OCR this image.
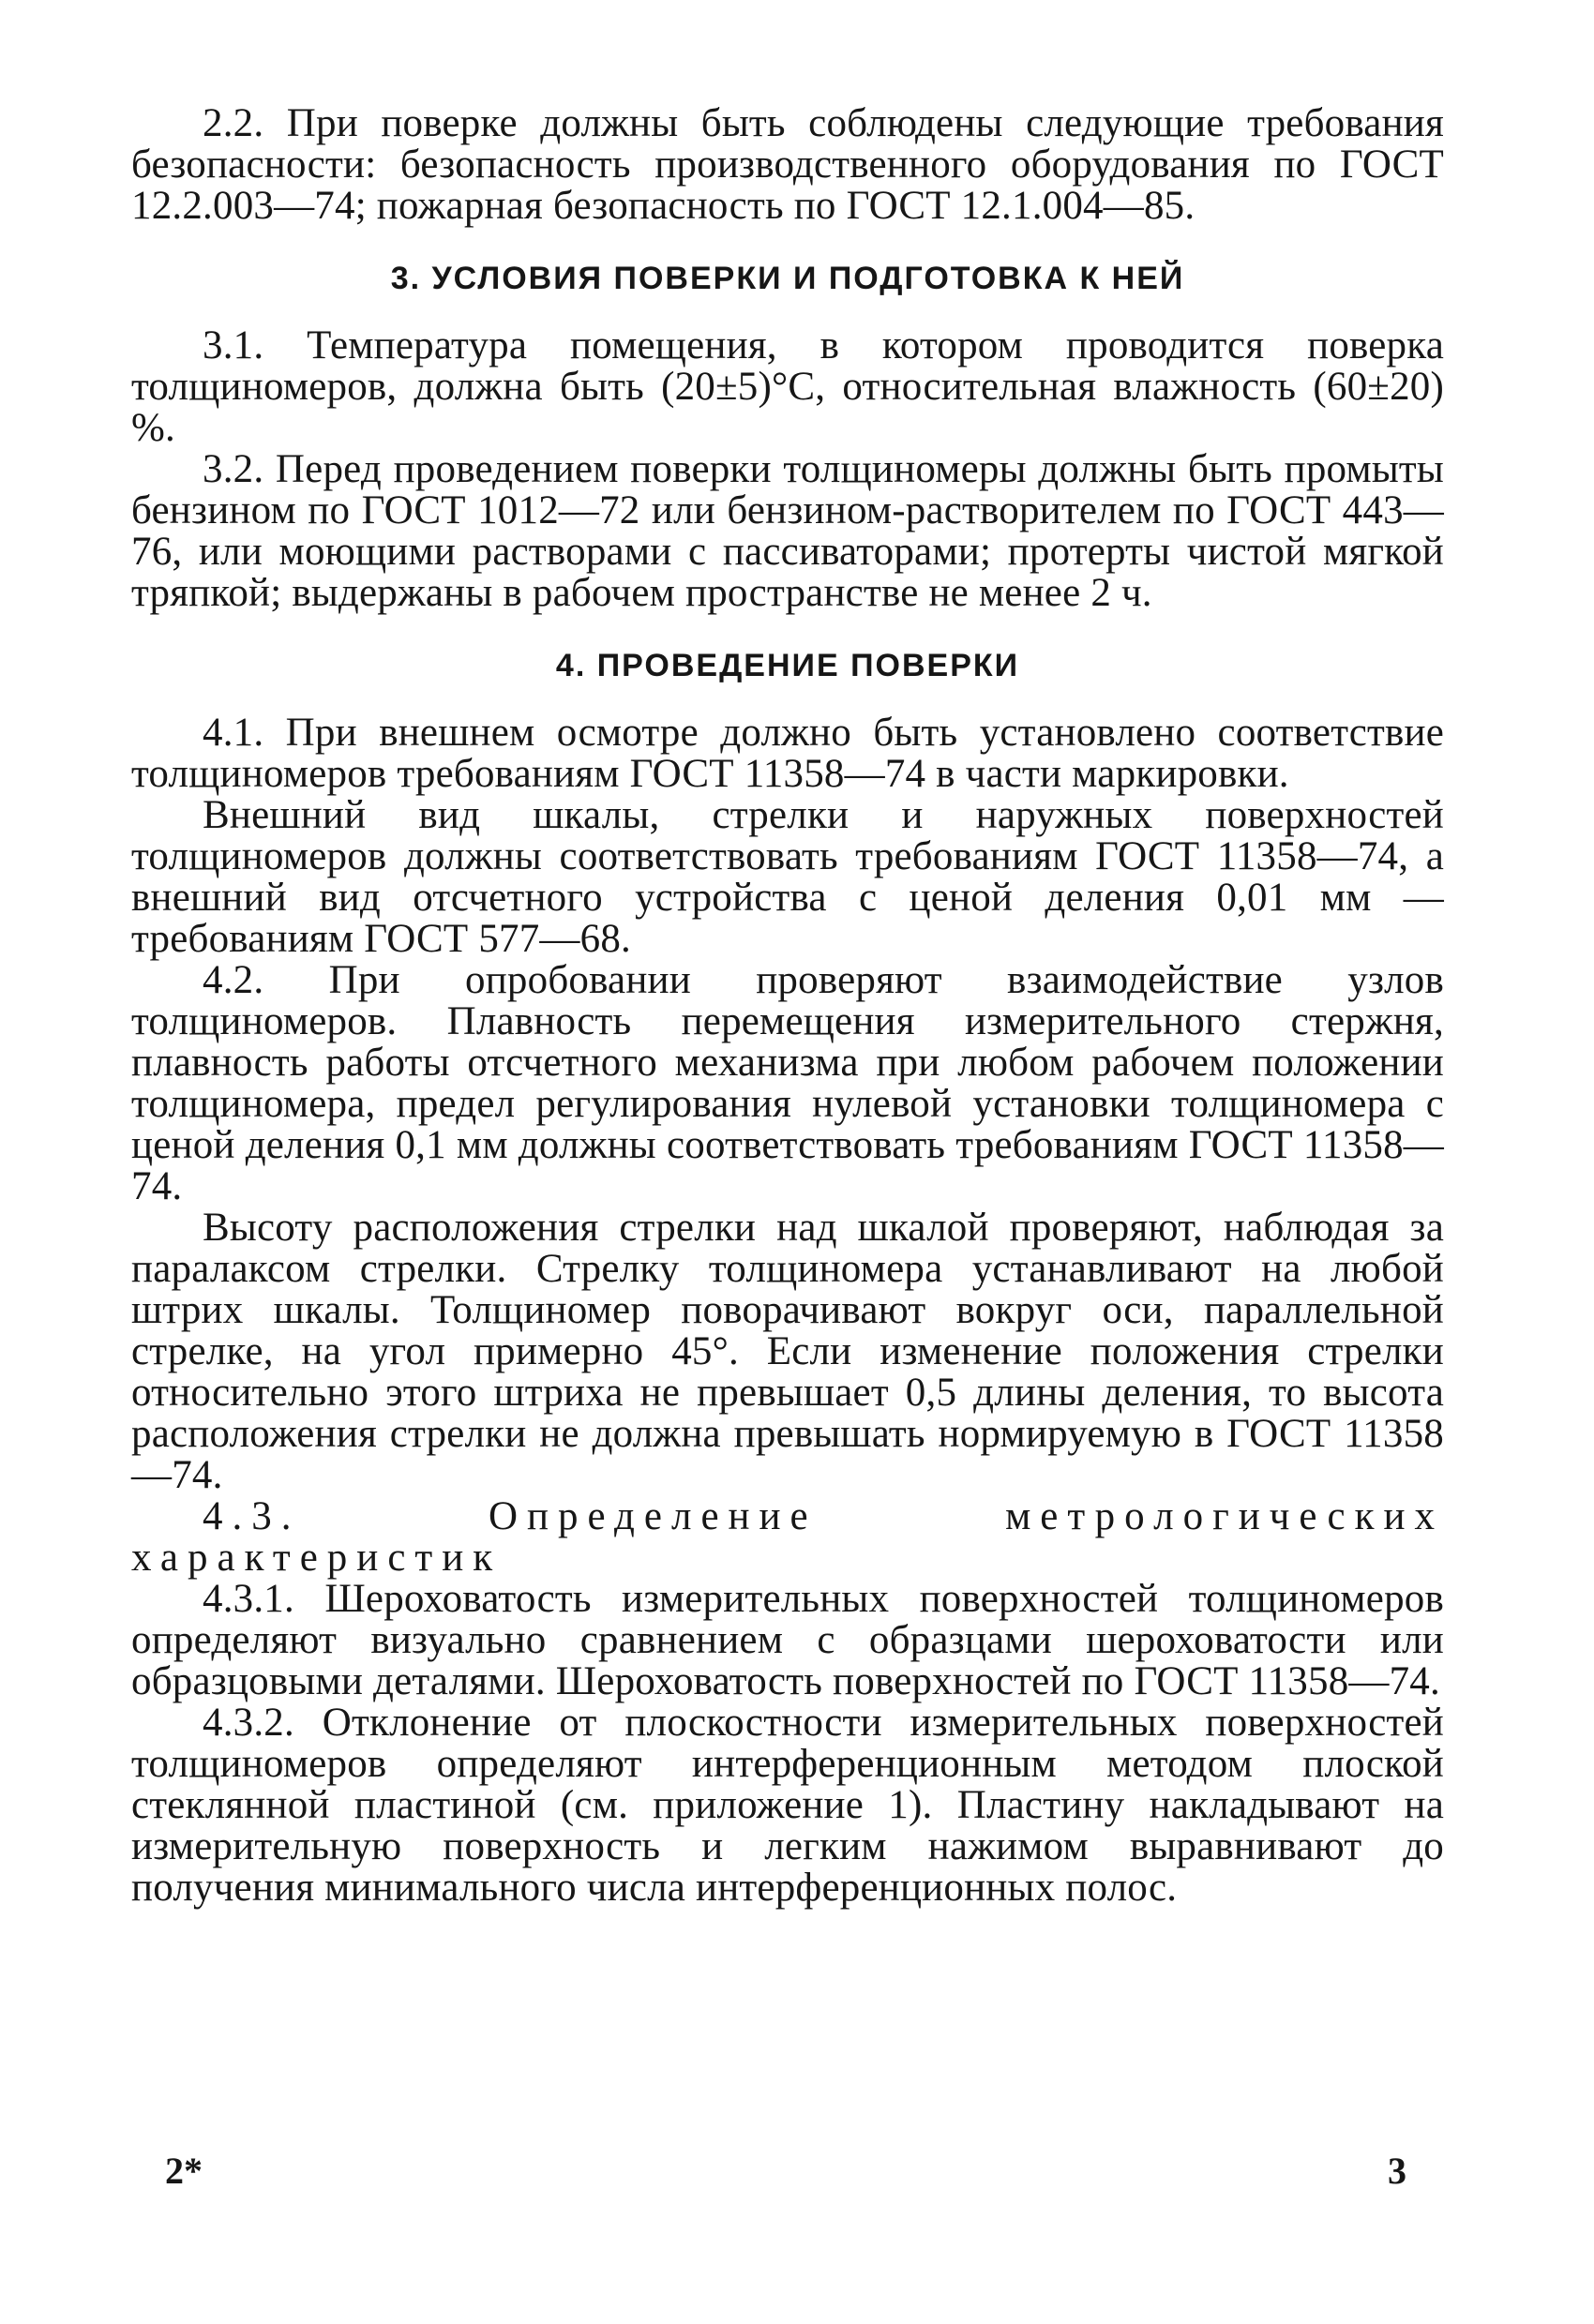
2.2. При поверке должны быть соблюдены следующие требования безопасности: безопасность производственного оборудования по ГОСТ 12.2.003—74; пожарная безопасность по ГОСТ 12.1.004—85.

3. УСЛОВИЯ ПОВЕРКИ И ПОДГОТОВКА К НЕЙ

3.1. Температура помещения, в котором проводится поверка толщиномеров, должна быть (20±5)°С, относительная влажность (60±20) %.

3.2. Перед проведением поверки толщиномеры должны быть промыты бензином по ГОСТ 1012—72 или бензином-растворителем по ГОСТ 443—76, или моющими растворами с пассиваторами; протерты чистой мягкой тряпкой; выдержаны в рабочем пространстве не менее 2 ч.

4. ПРОВЕДЕНИЕ ПОВЕРКИ

4.1. При внешнем осмотре должно быть установлено соответствие толщиномеров требованиям ГОСТ 11358—74 в части маркировки.

Внешний вид шкалы, стрелки и наружных поверхностей толщиномеров должны соответствовать требованиям ГОСТ 11358—74, а внешний вид отсчетного устройства с ценой деления 0,01 мм — требованиям ГОСТ 577—68.

4.2. При опробовании проверяют взаимодействие узлов толщиномеров. Плавность перемещения измерительного стержня, плавность работы отсчетного механизма при любом рабочем положении толщиномера, предел регулирования нулевой установки толщиномера с ценой деления 0,1 мм должны соответствовать требованиям ГОСТ 11358—74.

Высоту расположения стрелки над шкалой проверяют, наблюдая за паралаксом стрелки. Стрелку толщиномера устанавливают на любой штрих шкалы. Толщиномер поворачивают вокруг оси, параллельной стрелке, на угол примерно 45°. Если изменение положения стрелки относительно этого штриха не превышает 0,5 длины деления, то высота расположения стрелки не должна превышать нормируемую в ГОСТ 11358—74.

4.3. Определение метрологических характеристик

4.3.1. Шероховатость измерительных поверхностей толщиномеров определяют визуально сравнением с образцами шероховатости или образцовыми деталями. Шероховатость поверхностей по ГОСТ 11358—74.

4.3.2. Отклонение от плоскостности измерительных поверхностей толщиномеров определяют интерференционным методом плоской стеклянной пластиной (см. приложение 1). Пластину накладывают на измерительную поверхность и легким нажимом выравнивают до получения минимального числа интерференционных полос.

2*	3
